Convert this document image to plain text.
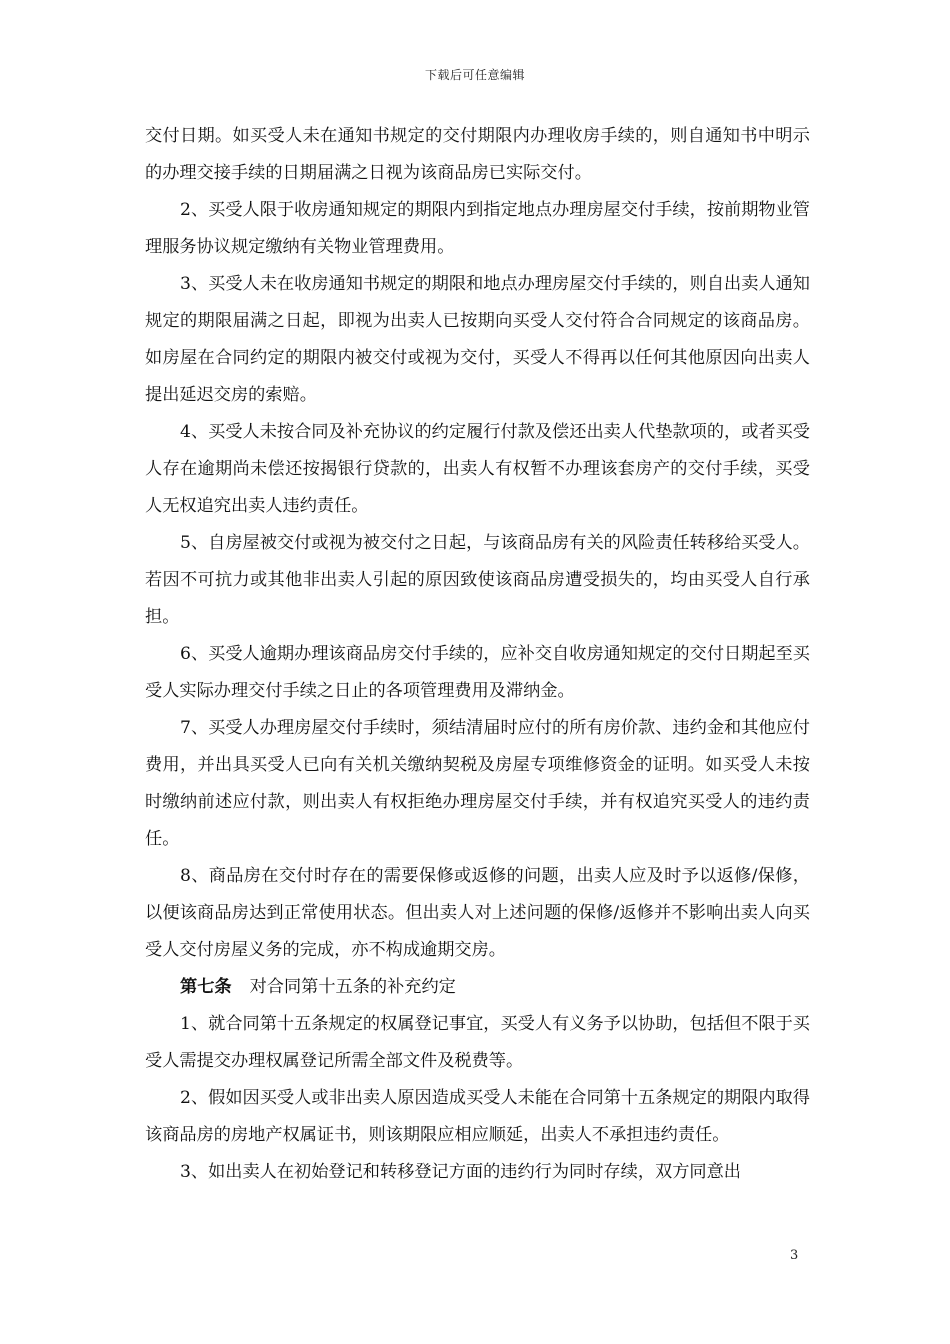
下载后可任意编辑

交付日期。如买受人未在通知书规定的交付期限内办理收房手续的，则自通知书中明示的办理交接手续的日期届满之日视为该商品房已实际交付。

2、买受人限于收房通知规定的期限内到指定地点办理房屋交付手续，按前期物业管理服务协议规定缴纳有关物业管理费用。

3、买受人未在收房通知书规定的期限和地点办理房屋交付手续的，则自出卖人通知规定的期限届满之日起，即视为出卖人已按期向买受人交付符合合同规定的该商品房。如房屋在合同约定的期限内被交付或视为交付，买受人不得再以任何其他原因向出卖人提出延迟交房的索赔。

4、买受人未按合同及补充协议的约定履行付款及偿还出卖人代垫款项的，或者买受人存在逾期尚未偿还按揭银行贷款的，出卖人有权暂不办理该套房产的交付手续，买受人无权追究出卖人违约责任。

5、自房屋被交付或视为被交付之日起，与该商品房有关的风险责任转移给买受人。若因不可抗力或其他非出卖人引起的原因致使该商品房遭受损失的，均由买受人自行承担。

6、买受人逾期办理该商品房交付手续的，应补交自收房通知规定的交付日期起至买受人实际办理交付手续之日止的各项管理费用及滞纳金。

7、买受人办理房屋交付手续时，须结清届时应付的所有房价款、违约金和其他应付费用，并出具买受人已向有关机关缴纳契税及房屋专项维修资金的证明。如买受人未按时缴纳前述应付款，则出卖人有权拒绝办理房屋交付手续，并有权追究买受人的违约责任。

8、商品房在交付时存在的需要保修或返修的问题，出卖人应及时予以返修/保修，以便该商品房达到正常使用状态。但出卖人对上述问题的保修/返修并不影响出卖人向买受人交付房屋义务的完成，亦不构成逾期交房。

第七条 对合同第十五条的补充约定

1、就合同第十五条规定的权属登记事宜，买受人有义务予以协助，包括但不限于买受人需提交办理权属登记所需全部文件及税费等。

2、假如因买受人或非出卖人原因造成买受人未能在合同第十五条规定的期限内取得该商品房的房地产权属证书，则该期限应相应顺延，出卖人不承担违约责任。

3、如出卖人在初始登记和转移登记方面的违约行为同时存续，双方同意出

3
